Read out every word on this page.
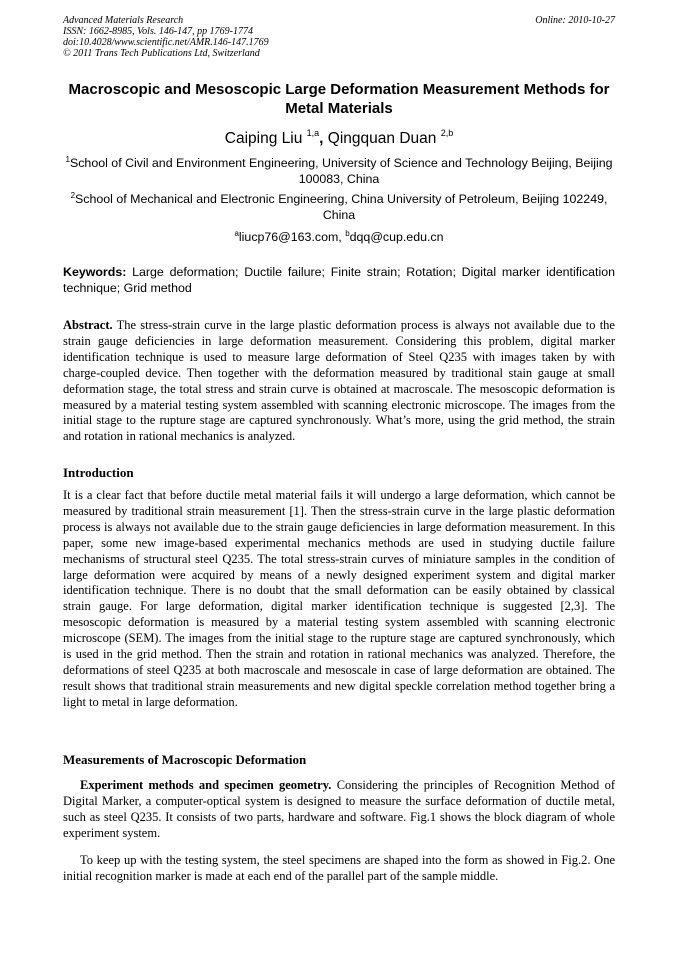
Advanced Materials Research
ISSN: 1662-8985, Vols. 146-147, pp 1769-1774
doi:10.4028/www.scientific.net/AMR.146-147.1769
© 2011 Trans Tech Publications Ltd, Switzerland
Online: 2010-10-27
Macroscopic and Mesoscopic Large Deformation Measurement Methods for Metal Materials
Caiping Liu $^{1,a}$, Qingquan Duan $^{2,b}$
$^1$School of Civil and Environment Engineering, University of Science and Technology Beijing, Beijing 100083, China
$^2$School of Mechanical and Electronic Engineering, China University of Petroleum, Beijing 102249, China
$^a$liucp76@163.com, $^b$dqq@cup.edu.cn
Keywords: Large deformation; Ductile failure; Finite strain; Rotation; Digital marker identification technique; Grid method
Abstract. The stress-strain curve in the large plastic deformation process is always not available due to the strain gauge deficiencies in large deformation measurement. Considering this problem, digital marker identification technique is used to measure large deformation of Steel Q235 with images taken by with charge-coupled device. Then together with the deformation measured by traditional stain gauge at small deformation stage, the total stress and strain curve is obtained at macroscale. The mesoscopic deformation is measured by a material testing system assembled with scanning electronic microscope. The images from the initial stage to the rupture stage are captured synchronously. What’s more, using the grid method, the strain and rotation in rational mechanics is analyzed.
Introduction
It is a clear fact that before ductile metal material fails it will undergo a large deformation, which cannot be measured by traditional strain measurement [1]. Then the stress-strain curve in the large plastic deformation process is always not available due to the strain gauge deficiencies in large deformation measurement. In this paper, some new image-based experimental mechanics methods are used in studying ductile failure mechanisms of structural steel Q235. The total stress-strain curves of miniature samples in the condition of large deformation were acquired by means of a newly designed experiment system and digital marker identification technique. There is no doubt that the small deformation can be easily obtained by classical strain gauge. For large deformation, digital marker identification technique is suggested [2,3]. The mesoscopic deformation is measured by a material testing system assembled with scanning electronic microscope (SEM). The images from the initial stage to the rupture stage are captured synchronously, which is used in the grid method. Then the strain and rotation in rational mechanics was analyzed. Therefore, the deformations of steel Q235 at both macroscale and mesoscale in case of large deformation are obtained. The result shows that traditional strain measurements and new digital speckle correlation method together bring a light to metal in large deformation.
Measurements of Macroscopic Deformation
Experiment methods and specimen geometry. Considering the principles of Recognition Method of Digital Marker, a computer-optical system is designed to measure the surface deformation of ductile metal, such as steel Q235. It consists of two parts, hardware and software. Fig.1 shows the block diagram of whole experiment system.
To keep up with the testing system, the steel specimens are shaped into the form as showed in Fig.2. One initial recognition marker is made at each end of the parallel part of the sample middle.
